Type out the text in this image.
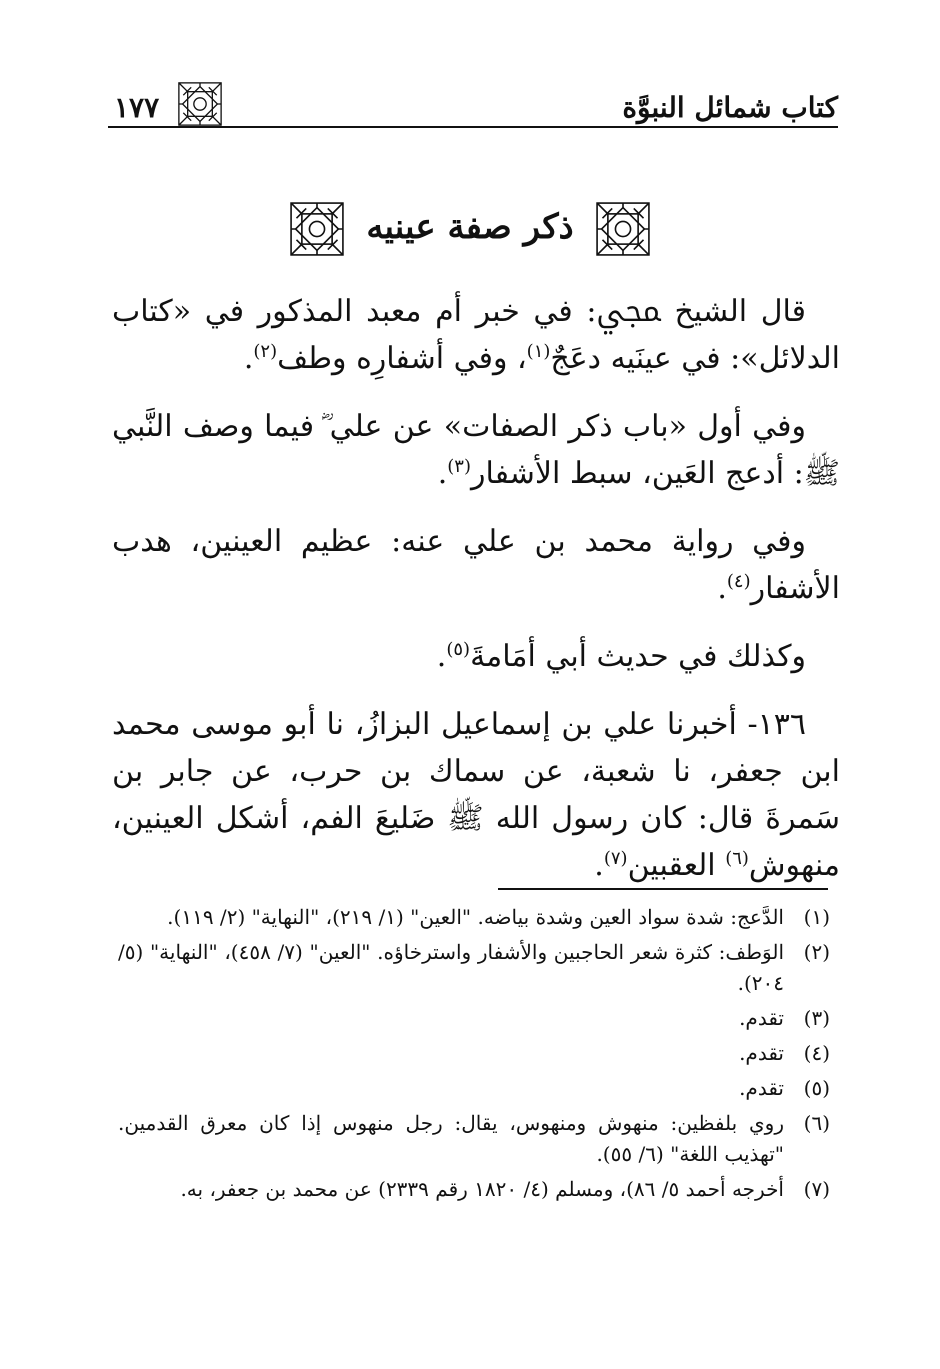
كتاب شمائل النبوَّة
١٧٧
ذكر صفة عينيه

قال الشيخ ﷀ: في خبر أم معبد المذكور في «كتاب الدلائل»: في عينَيه دعَجٌ$^{(١)}$، وفي أشفارِه وطف$^{(٢)}$.

وفي أول «باب ذكر الصفات» عن علي ؓ فيما وصف النَّبي ﷺ: أدعج العَين، سبط الأشفار$^{(٣)}$.

وفي رواية محمد بن علي عنه: عظيم العينين، هدب الأشفار$^{(٤)}$.

وكذلك في حديث أبي أمَامةَ$^{(٥)}$.

١٣٦- أخبرنا علي بن إسماعيل البزازُ، نا أبو موسى محمد ابن جعفر، نا شعبة، عن سماك بن حرب، عن جابر بن سَمرةَ قال: كان رسول الله ﷺ ضَليعَ الفم، أشكل العينين، منهوش$^{(٦)}$ العقبين$^{(٧)}$.

(١)
الدَّعج: شدة سواد العين وشدة بياضه. "العين" (١/ ٢١٩)، "النهاية" (٢/ ١١٩).
(٢)
الوَطف: كثرة شعر الحاجبين والأشفار واسترخاؤه. "العين" (٧/ ٤٥٨)، "النهاية" (٥/ ٢٠٤).
(٣)
تقدم.
(٤)
تقدم.
(٥)
تقدم.
(٦)
روي بلفظين: منهوش ومنهوس، يقال: رجل منهوس إذا كان معرق القدمين. "تهذيب اللغة" (٦/ ٥٥).
(٧)
أخرجه أحمد ٥/ ٨٦)، ومسلم (٤/ ١٨٢٠ رقم ٢٣٣٩) عن محمد بن جعفر، به.
